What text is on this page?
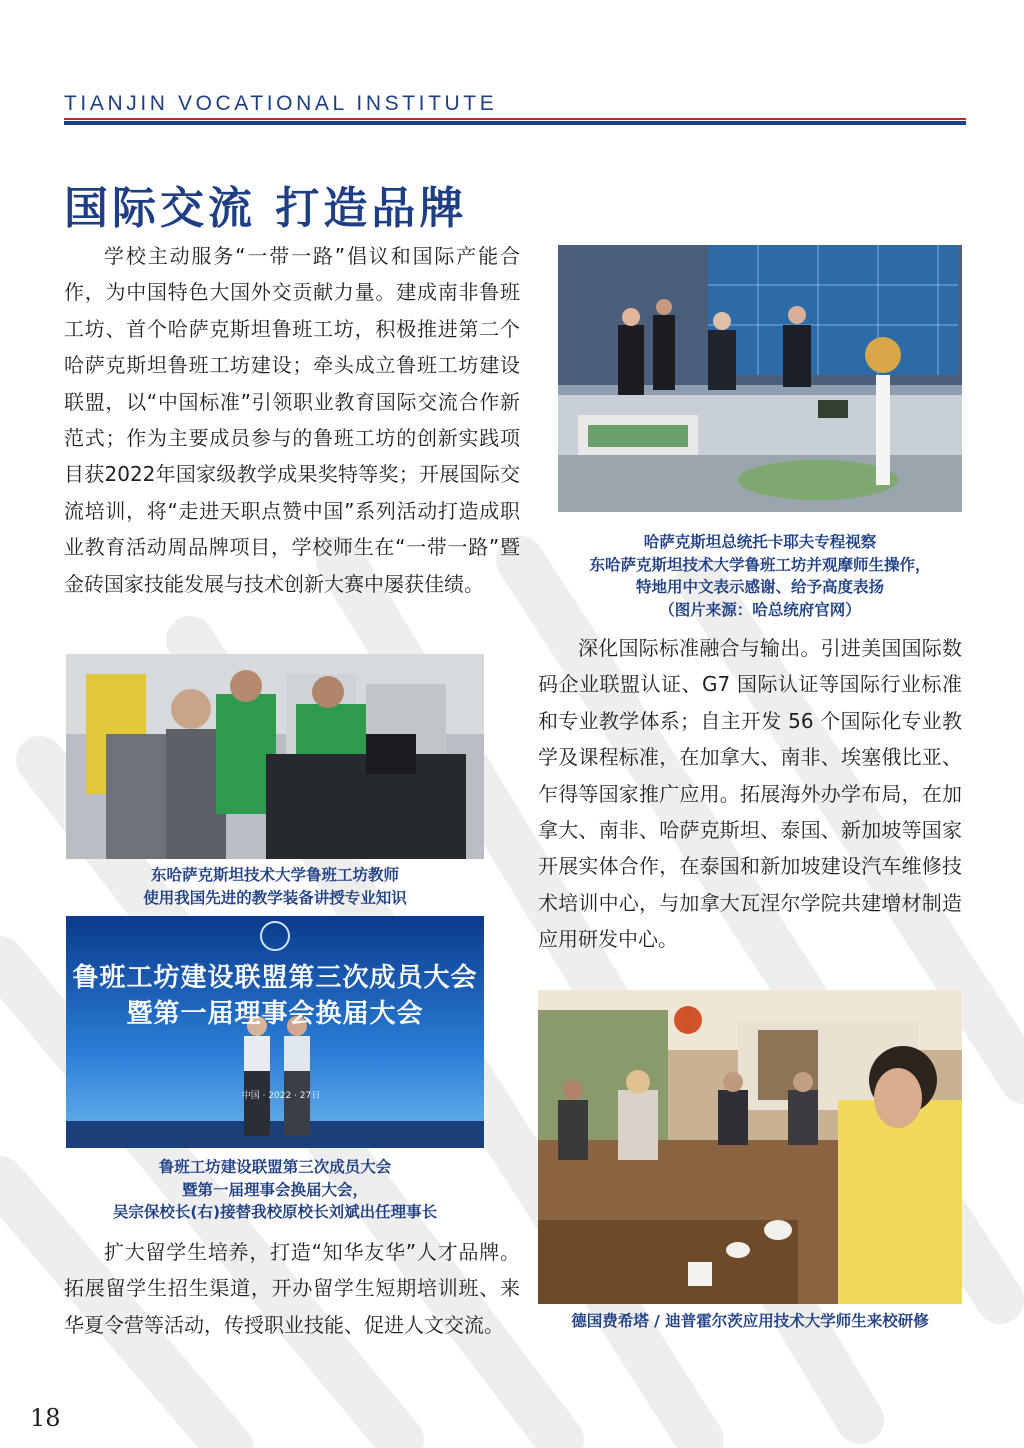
TIANJIN VOCATIONAL INSTITUTE
国际交流 打造品牌

学校主动服务“一带一路”倡议和国际产能合作，为中国特色大国外交贡献力量。建成南非鲁班工坊、首个哈萨克斯坦鲁班工坊，积极推进第二个哈萨克斯坦鲁班工坊建设；牵头成立鲁班工坊建设联盟，以“中国标准”引领职业教育国际交流合作新范式；作为主要成员参与的鲁班工坊的创新实践项目获2022年国家级教学成果奖特等奖；开展国际交流培训，将“走进天职点赞中国”系列活动打造成职业教育活动周品牌项目，学校师生在“一带一路”暨金砖国家技能发展与技术创新大赛中屡获佳绩。

哈萨克斯坦总统托卡耶夫专程视察
东哈萨克斯坦技术大学鲁班工坊并观摩师生操作，
特地用中文表示感谢、给予高度表扬
（图片来源：哈总统府官网）

深化国际标准融合与输出。引进美国国际数码企业联盟认证、G7 国际认证等国际行业标准和专业教学体系；自主开发 56 个国际化专业教学及课程标准，在加拿大、南非、埃塞俄比亚、乍得等国家推广应用。拓展海外办学布局，在加拿大、南非、哈萨克斯坦、泰国、新加坡等国家开展实体合作，在泰国和新加坡建设汽车维修技术培训中心，与加拿大瓦涅尔学院共建增材制造应用研发中心。

东哈萨克斯坦技术大学鲁班工坊教师
使用我国先进的教学装备讲授专业知识
鲁班工坊建设联盟第三次成员大会
暨第一届理事会换届大会
中国 · 2022 · 27日
鲁班工坊建设联盟第三次成员大会
暨第一届理事会换届大会，
吴宗保校长(右)接替我校原校长刘斌出任理事长

扩大留学生培养，打造“知华友华”人才品牌。拓展留学生招生渠道，开办留学生短期培训班、来华夏令营等活动，传授职业技能、促进人文交流。	德国费希塔 / 迪普霍尔茨应用技术大学师生来校研修
18
